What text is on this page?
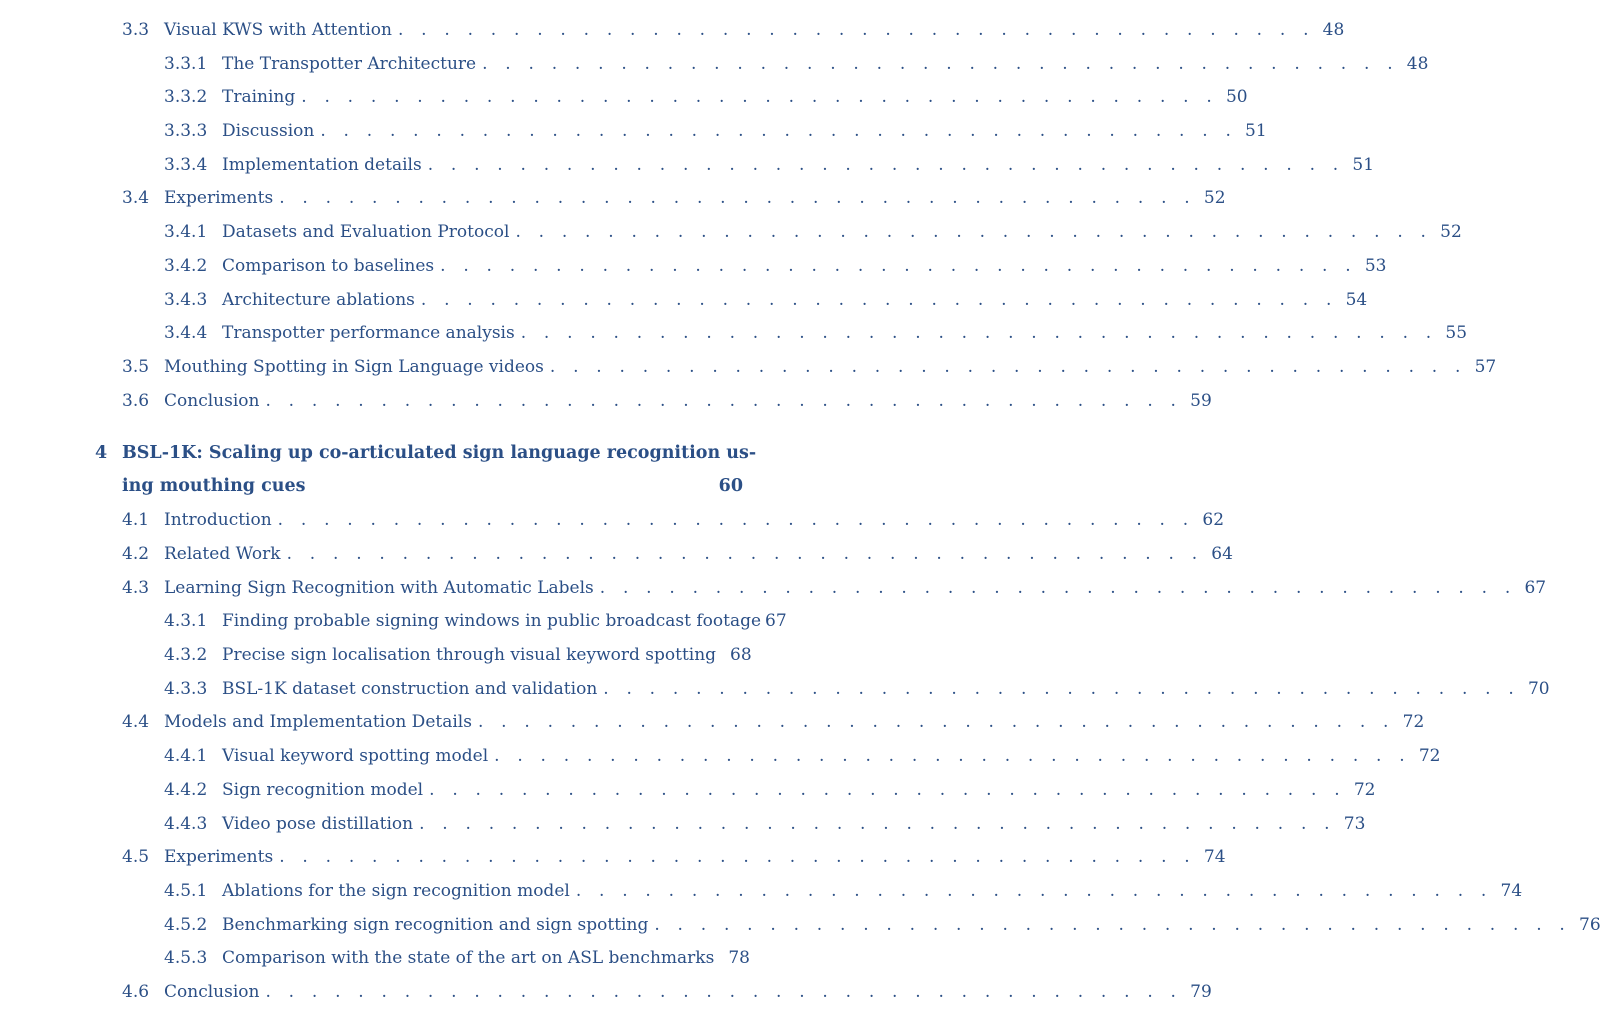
3.3 Visual KWS with Attention . . . . . . . . . . . . . . . . . . . . . . . . . . . . . . . . . . . . . . . . 48
3.3.1 The Transpotter Architecture . . . . . . . . . . . . . . . . . . . . . . . . . . . . . . . . . . . . . . . . 48
3.3.2 Training . . . . . . . . . . . . . . . . . . . . . . . . . . . . . . . . . . . . . . . . 50
3.3.3 Discussion . . . . . . . . . . . . . . . . . . . . . . . . . . . . . . . . . . . . . . . . 51
3.3.4 Implementation details . . . . . . . . . . . . . . . . . . . . . . . . . . . . . . . . . . . . . . . . 51
3.4 Experiments . . . . . . . . . . . . . . . . . . . . . . . . . . . . . . . . . . . . . . . . 52
3.4.1 Datasets and Evaluation Protocol . . . . . . . . . . . . . . . . . . . . . . . . . . . . . . . . . . . . . . . . 52
3.4.2 Comparison to baselines . . . . . . . . . . . . . . . . . . . . . . . . . . . . . . . . . . . . . . . . 53
3.4.3 Architecture ablations . . . . . . . . . . . . . . . . . . . . . . . . . . . . . . . . . . . . . . . . 54
3.4.4 Transpotter performance analysis . . . . . . . . . . . . . . . . . . . . . . . . . . . . . . . . . . . . . . . . 55
3.5 Mouthing Spotting in Sign Language videos . . . . . . . . . . . . . . . . . . . . . . . . . . . . . . . . . . . . . . . . 57
3.6 Conclusion . . . . . . . . . . . . . . . . . . . . . . . . . . . . . . . . . . . . . . . . 59
4 BSL-1K: Scaling up co-articulated sign language recognition us-
ing mouthing cues	60
4.1 Introduction . . . . . . . . . . . . . . . . . . . . . . . . . . . . . . . . . . . . . . . . 62
4.2 Related Work . . . . . . . . . . . . . . . . . . . . . . . . . . . . . . . . . . . . . . . . 64
4.3 Learning Sign Recognition with Automatic Labels . . . . . . . . . . . . . . . . . . . . . . . . . . . . . . . . . . . . . . . . 67
4.3.1 Finding probable signing windows in public broadcast footage 67
4.3.2 Precise sign localisation through visual keyword spotting 68
4.3.3 BSL-1K dataset construction and validation . . . . . . . . . . . . . . . . . . . . . . . . . . . . . . . . . . . . . . . . 70
4.4 Models and Implementation Details . . . . . . . . . . . . . . . . . . . . . . . . . . . . . . . . . . . . . . . . 72
4.4.1 Visual keyword spotting model . . . . . . . . . . . . . . . . . . . . . . . . . . . . . . . . . . . . . . . . 72
4.4.2 Sign recognition model . . . . . . . . . . . . . . . . . . . . . . . . . . . . . . . . . . . . . . . . 72
4.4.3 Video pose distillation . . . . . . . . . . . . . . . . . . . . . . . . . . . . . . . . . . . . . . . . 73
4.5 Experiments . . . . . . . . . . . . . . . . . . . . . . . . . . . . . . . . . . . . . . . . 74
4.5.1 Ablations for the sign recognition model . . . . . . . . . . . . . . . . . . . . . . . . . . . . . . . . . . . . . . . . 74
4.5.2 Benchmarking sign recognition and sign spotting . . . . . . . . . . . . . . . . . . . . . . . . . . . . . . . . . . . . . . . . 76
4.5.3 Comparison with the state of the art on ASL benchmarks 78
4.6 Conclusion . . . . . . . . . . . . . . . . . . . . . . . . . . . . . . . . . . . . . . . . 79
